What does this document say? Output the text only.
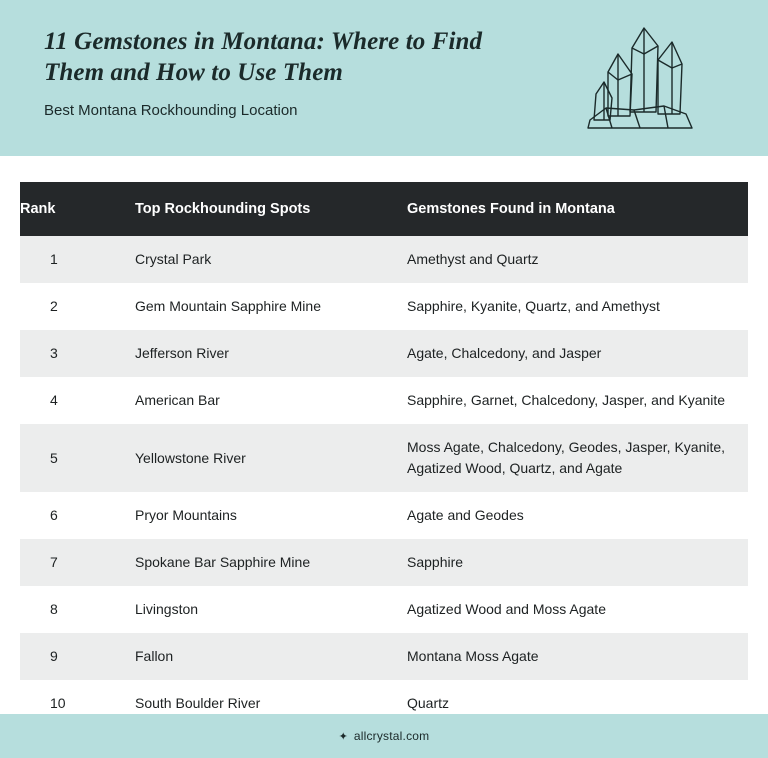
11 Gemstones in Montana: Where to Find Them and How to Use Them

Best Montana Rockhounding Location

Rank	Top Rockhounding Spots	Gemstones Found in Montana
1	Crystal Park	Amethyst and Quartz
2	Gem Mountain Sapphire Mine	Sapphire, Kyanite, Quartz, and Amethyst
3	Jefferson River	Agate, Chalcedony, and Jasper
4	American Bar	Sapphire, Garnet, Chalcedony, Jasper, and Kyanite
5	Yellowstone River	Moss Agate, Chalcedony, Geodes, Jasper, Kyanite, Agatized Wood, Quartz, and Agate
6	Pryor Mountains	Agate and Geodes
7	Spokane Bar Sapphire Mine	Sapphire
8	Livingston	Agatized Wood and Moss Agate
9	Fallon	Montana Moss Agate
10	South Boulder River	Quartz
✦ allcrystal.com
